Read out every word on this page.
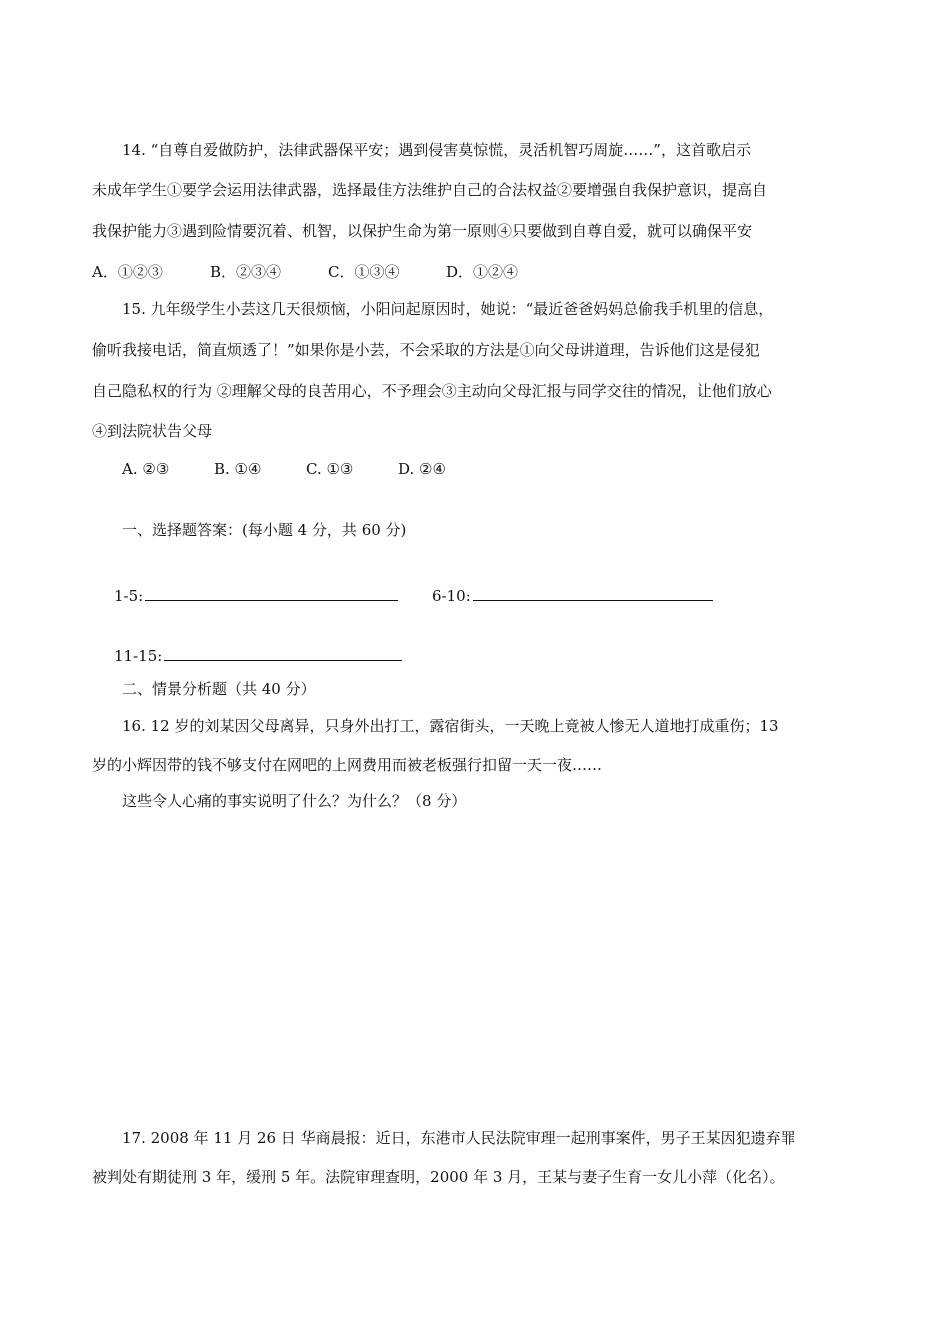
14. “自尊自爱做防护，法律武器保平安；遇到侵害莫惊慌，灵活机智巧周旋……”，这首歌启示
未成年学生①要学会运用法律武器，选择最佳方法维护自己的合法权益②要增强自我保护意识，提高自
我保护能力③遇到险情要沉着、机智，以保护生命为第一原则④只要做到自尊自爱，就可以确保平安
A．①②③	B．②③④	C．①③④	D．①②④
15. 九年级学生小芸这几天很烦恼，小阳问起原因时，她说：“最近爸爸妈妈总偷我手机里的信息，
偷听我接电话，简直烦透了！”如果你是小芸，不会采取的方法是①向父母讲道理，告诉他们这是侵犯
自己隐私权的行为 ②理解父母的良苦用心，不予理会③主动向父母汇报与同学交往的情况，让他们放心
④到法院状告父母
A. ②③	B. ①④	C. ①③	D. ②④
一、选择题答案：(每小题 4 分，共 60 分)
1-5:	6-10:
11-15:
二、情景分析题（共 40 分）
16. 12 岁的刘某因父母离异，只身外出打工，露宿街头，一天晚上竟被人惨无人道地打成重伤；13
岁的小辉因带的钱不够支付在网吧的上网费用而被老板强行扣留一天一夜……
这些令人心痛的事实说明了什么？为什么？（8 分）
17. 2008 年 11 月 26 日 华商晨报：近日，东港市人民法院审理一起刑事案件，男子王某因犯遗弃罪
被判处有期徒刑 3 年，缓刑 5 年。法院审理查明，2000 年 3 月，王某与妻子生育一女儿小萍（化名）。
